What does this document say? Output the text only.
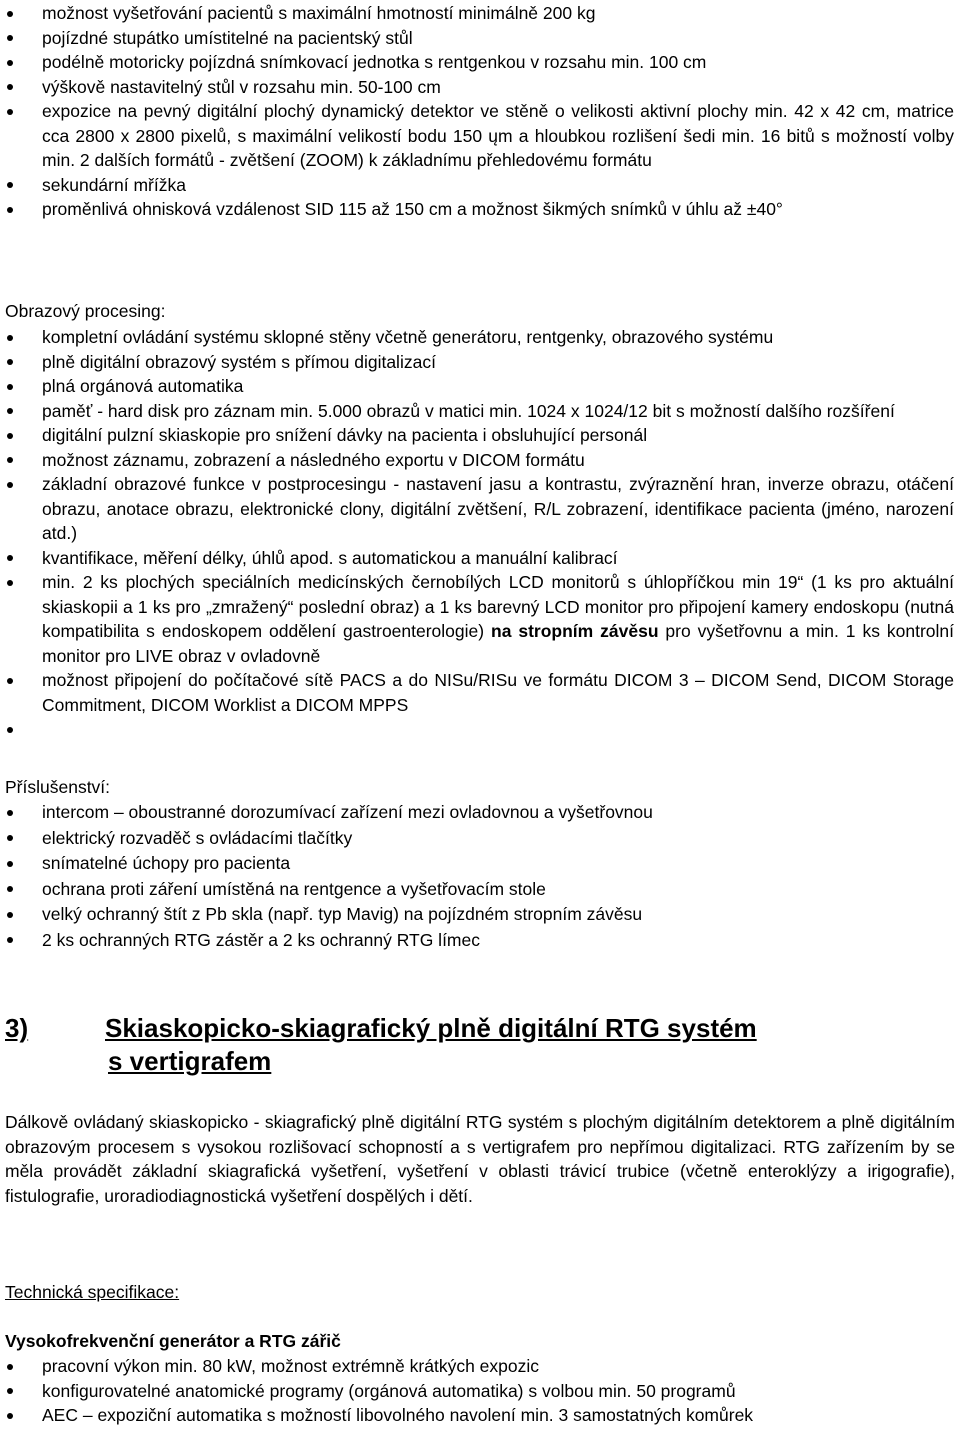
možnost vyšetřování pacientů s maximální hmotností minimálně 200 kg
pojízdné stupátko umístitelné na pacientský stůl
podélně motoricky pojízdná snímkovací jednotka s rentgenkou v rozsahu min. 100 cm
výškově nastavitelný stůl v rozsahu min. 50-100 cm
expozice na pevný digitální plochý dynamický detektor ve stěně o velikosti aktivní plochy min. 42 x 42 cm, matrice cca 2800 x 2800 pixelů, s maximální velikostí bodu 150 ųm a hloubkou rozlišení šedi min. 16 bitů s možností volby min. 2 dalších formátů - zvětšení (ZOOM) k základnímu přehledovému formátu
sekundární mřížka
proměnlivá ohnisková vzdálenost SID 115 až 150 cm a možnost šikmých snímků v úhlu až ±40°
Obrazový procesing:
kompletní ovládání systému sklopné stěny včetně generátoru, rentgenky, obrazového systému
plně digitální obrazový systém s přímou digitalizací
plná orgánová automatika
paměť - hard disk pro záznam min. 5.000 obrazů v matici min. 1024 x 1024/12 bit s možností dalšího rozšíření
digitální pulzní skiaskopie pro snížení dávky na pacienta i obsluhující personál
možnost záznamu, zobrazení a následného exportu v DICOM formátu
základní obrazové funkce v postprocesingu - nastavení jasu a kontrastu, zvýraznění hran, inverze obrazu, otáčení obrazu, anotace obrazu, elektronické clony, digitální zvětšení, R/L zobrazení, identifikace pacienta (jméno, narození atd.)
kvantifikace, měření délky, úhlů apod. s automatickou a manuální kalibrací
min. 2 ks plochých speciálních medicínských černobílých LCD monitorů s úhlopříčkou min 19“ (1 ks pro aktuální skiaskopii a 1 ks pro „zmražený“ poslední obraz) a 1 ks barevný LCD monitor pro připojení kamery endoskopu (nutná kompatibilita s endoskopem oddělení gastroenterologie) na stropním závěsu pro vyšetřovnu a min. 1 ks kontrolní monitor pro LIVE obraz v ovladovně
možnost připojení do počítačové sítě PACS a do NISu/RISu ve formátu DICOM 3 – DICOM Send, DICOM Storage Commitment, DICOM Worklist a DICOM MPPS
Příslušenství:
intercom – oboustranné dorozumívací zařízení mezi ovladovnou a vyšetřovnou
elektrický rozvaděč s ovládacími tlačítky
snímatelné úchopy pro pacienta
ochrana proti záření umístěná na rentgence a vyšetřovacím stole
velký ochranný štít z Pb skla (např. typ Mavig) na pojízdném stropním závěsu
2 ks ochranných RTG zástěr a 2 ks ochranný RTG límec
3)	Skiaskopicko-skiagrafický plně digitální RTG systém
s vertigrafem
Dálkově ovládaný skiaskopicko - skiagrafický plně digitální RTG systém s plochým digitálním detektorem a plně digitálním obrazovým procesem s vysokou rozlišovací schopností a s vertigrafem pro nepřímou digitalizaci. RTG zařízením by se měla provádět základní skiagrafická vyšetření, vyšetření v oblasti trávicí trubice (včetně enteroklýzy a irigografie), fistulografie, uroradiodiagnostická vyšetření dospělých i dětí.
Technická specifikace:
Vysokofrekvenční generátor a RTG zářič
pracovní výkon min. 80 kW, možnost extrémně krátkých expozic
konfigurovatelné anatomické programy (orgánová automatika) s volbou min. 50 programů
AEC – expoziční automatika s možností libovolného navolení min. 3 samostatných komůrek
